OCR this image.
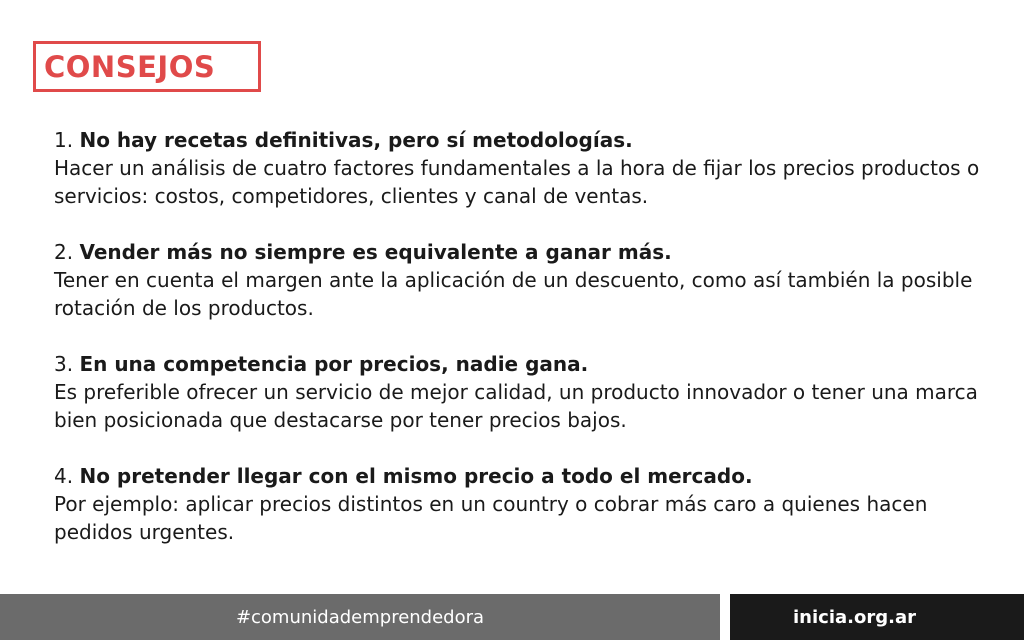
CONSEJOS
1. No hay recetas definitivas, pero sí metodologías.
Hacer un análisis de cuatro factores fundamentales a la hora de fijar los precios productos o servicios: costos, competidores, clientes y canal de ventas.
2. Vender más no siempre es equivalente a ganar más.
Tener en cuenta el margen ante la aplicación de un descuento, como así también la posible rotación de los productos.
3. En una competencia por precios, nadie gana.
Es preferible ofrecer un servicio de mejor calidad, un producto innovador o tener una marca bien posicionada que destacarse por tener precios bajos.
4. No pretender llegar con el mismo precio a todo el mercado.
Por ejemplo: aplicar precios distintos en un country o cobrar más caro a quienes hacen pedidos urgentes.
#comunidademprendedora	inicia.org.ar
